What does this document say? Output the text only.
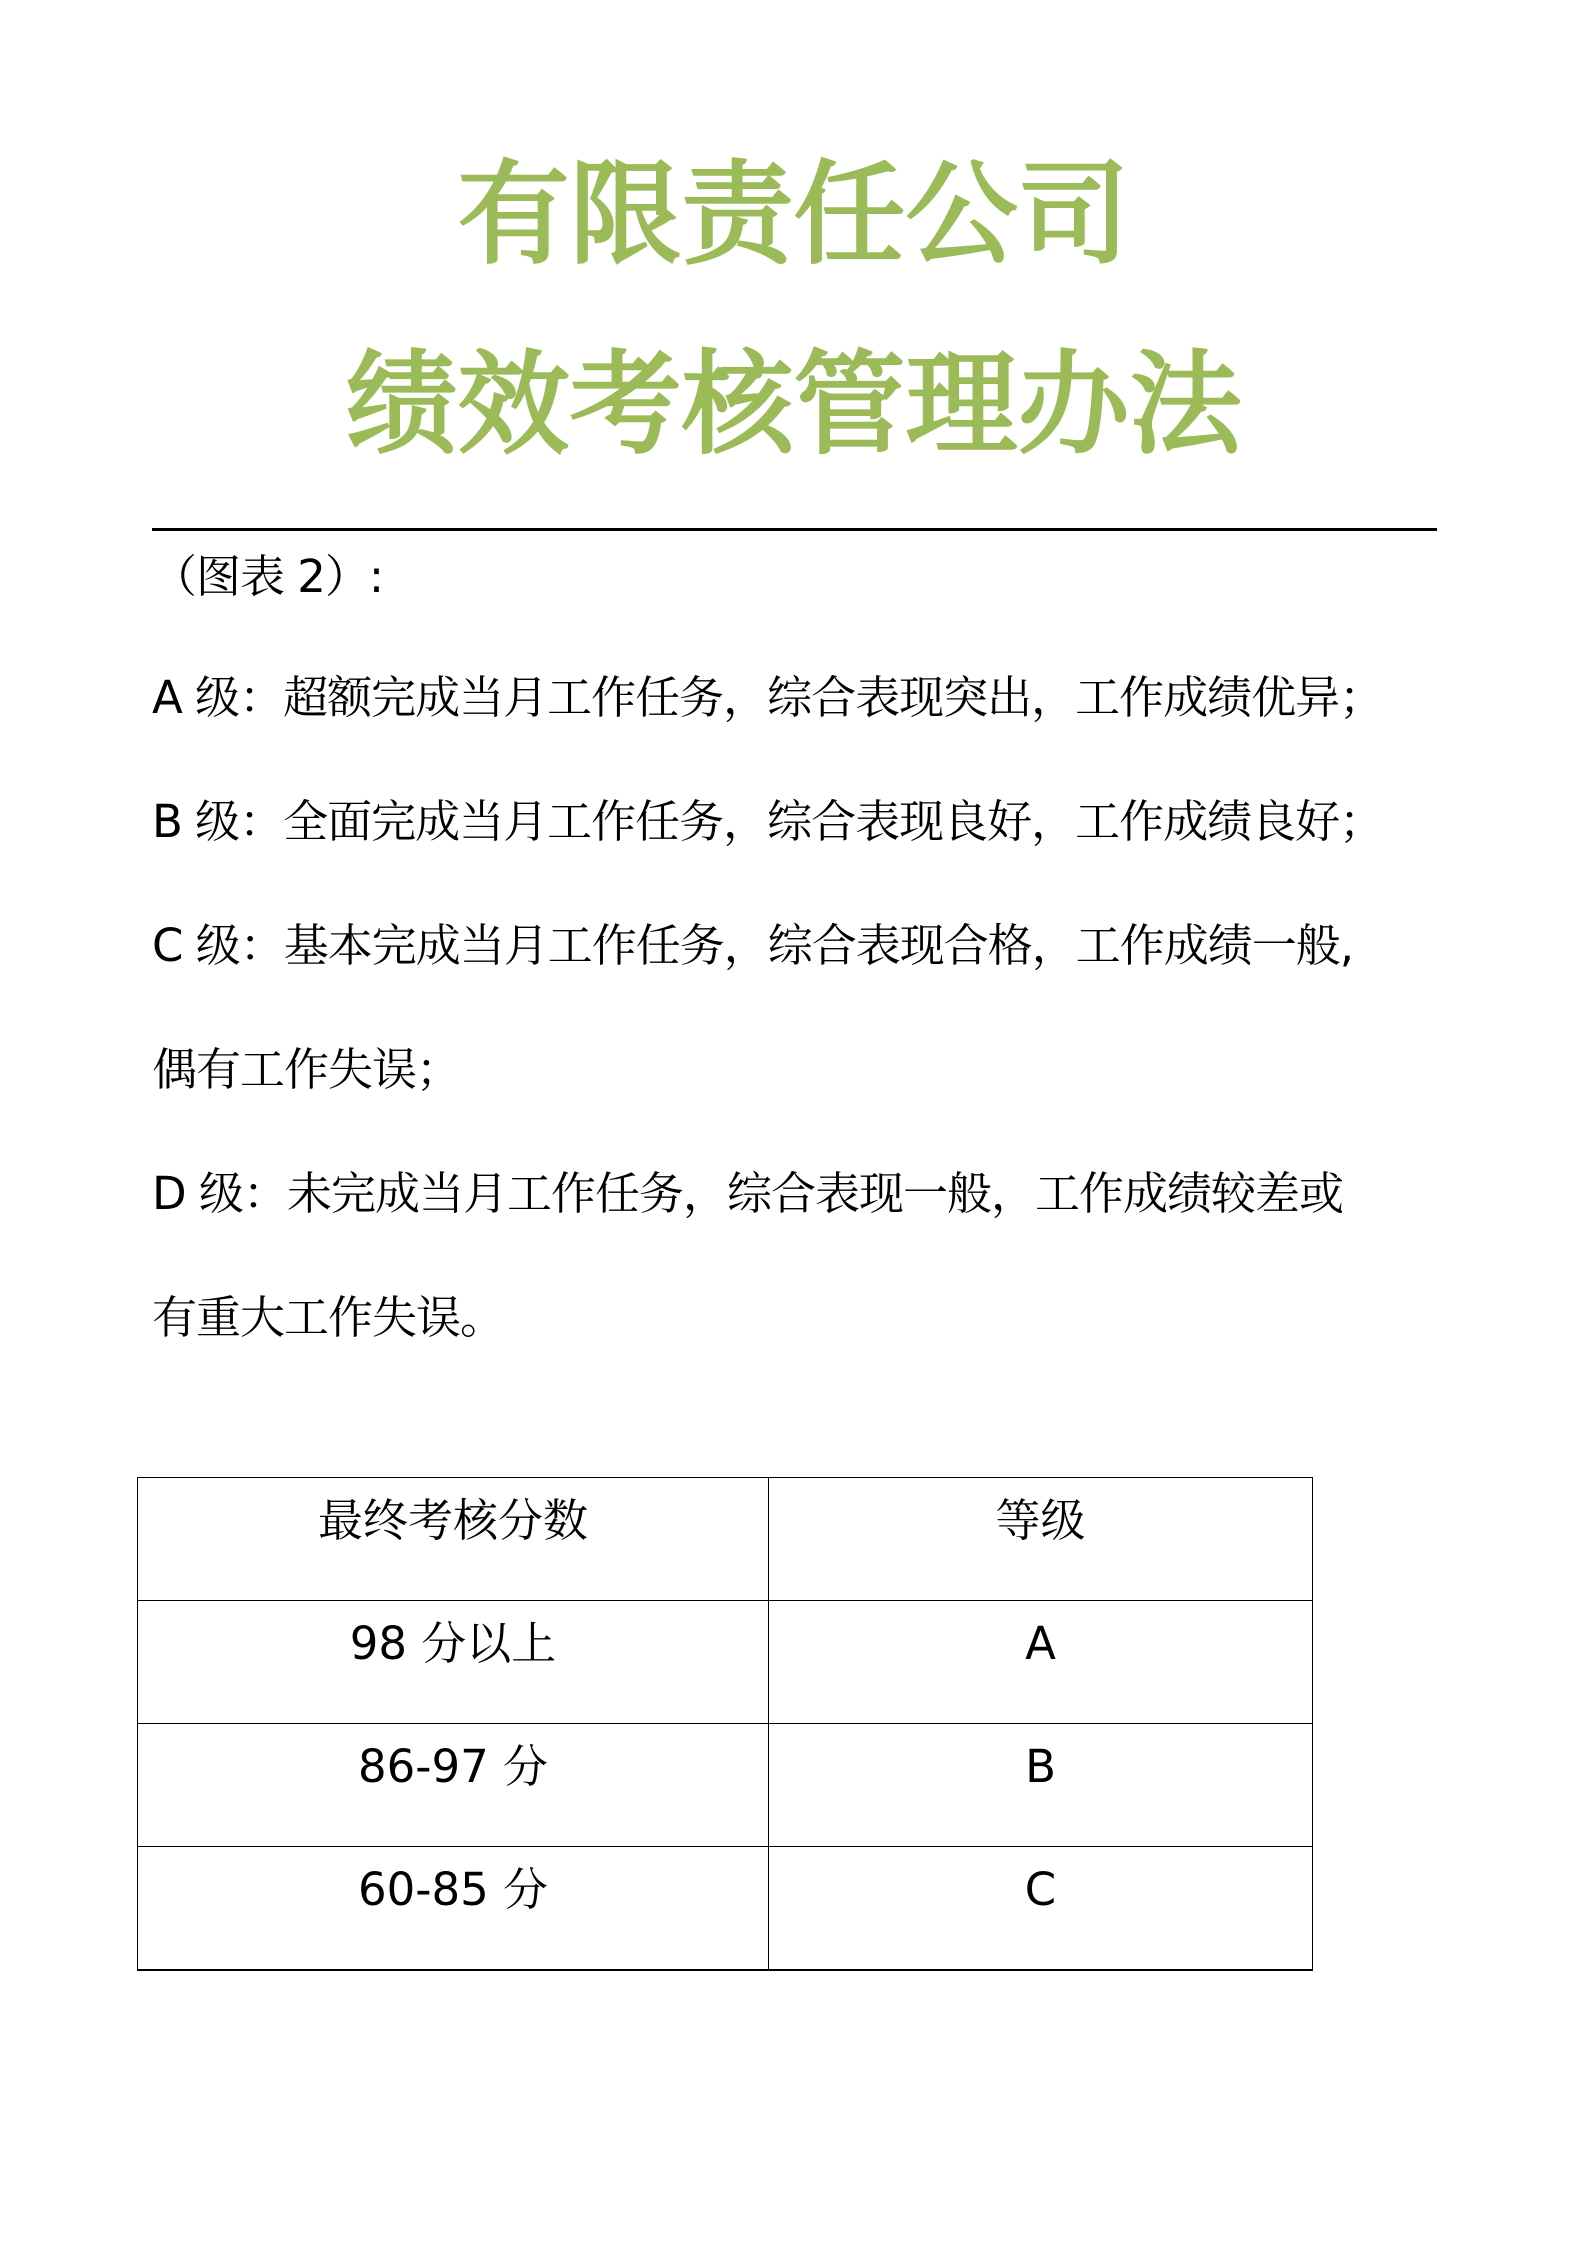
有限责任公司
绩效考核管理办法
（图表 2）:
A 级：超额完成当月工作任务，综合表现突出，工作成绩优异；
B 级：全面完成当月工作任务，综合表现良好，工作成绩良好；
C 级：基本完成当月工作任务，综合表现合格，工作成绩一般,
偶有工作失误；
D 级：未完成当月工作任务，综合表现一般，工作成绩较差或
有重大工作失误。
最终考核分数	等级

98 分以上	A

86-97 分	B

60-85 分	C
